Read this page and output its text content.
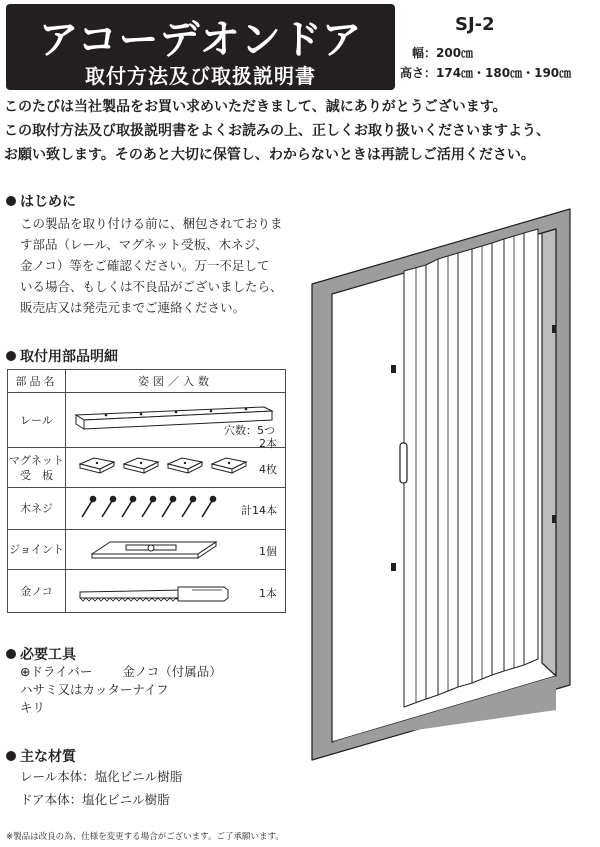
アコーデオンドア
取付方法及び取扱説明書
SJ-2
幅：200㎝
高さ：174㎝・180㎝・190㎝
このたびは当社製品をお買い求めいただきまして、誠にありがとうございます。
この取付方法及び取扱説明書をよくお読みの上、正しくお取り扱いくださいますよう、
お願い致します。そのあと大切に保管し、わからないときは再読しご活用ください。
はじめに
この製品を取り付ける前に、梱包されておりま
す部品（レール、マグネット受板、木ネジ、
金ノコ）等をご確認ください。万一不足して
いる場合、もしくは不良品がございましたら、
販売店又は発売元までご連絡ください。
取付用部品明細
部品名	姿図／入数
レール	穴数：5つ
2本

マグネット
受　板	4枚

木ネジ	計14本

ジョイント	1個

金ノコ	1本
必要工具
⊕ドライバー 金ノコ（付属品）
ハサミ又はカッターナイフ
キリ
主な材質
レール本体：塩化ビニル樹脂
ドア本体：塩化ビニル樹脂
※製品は改良の為、仕様を変更する場合がございます。ご了承願います。
